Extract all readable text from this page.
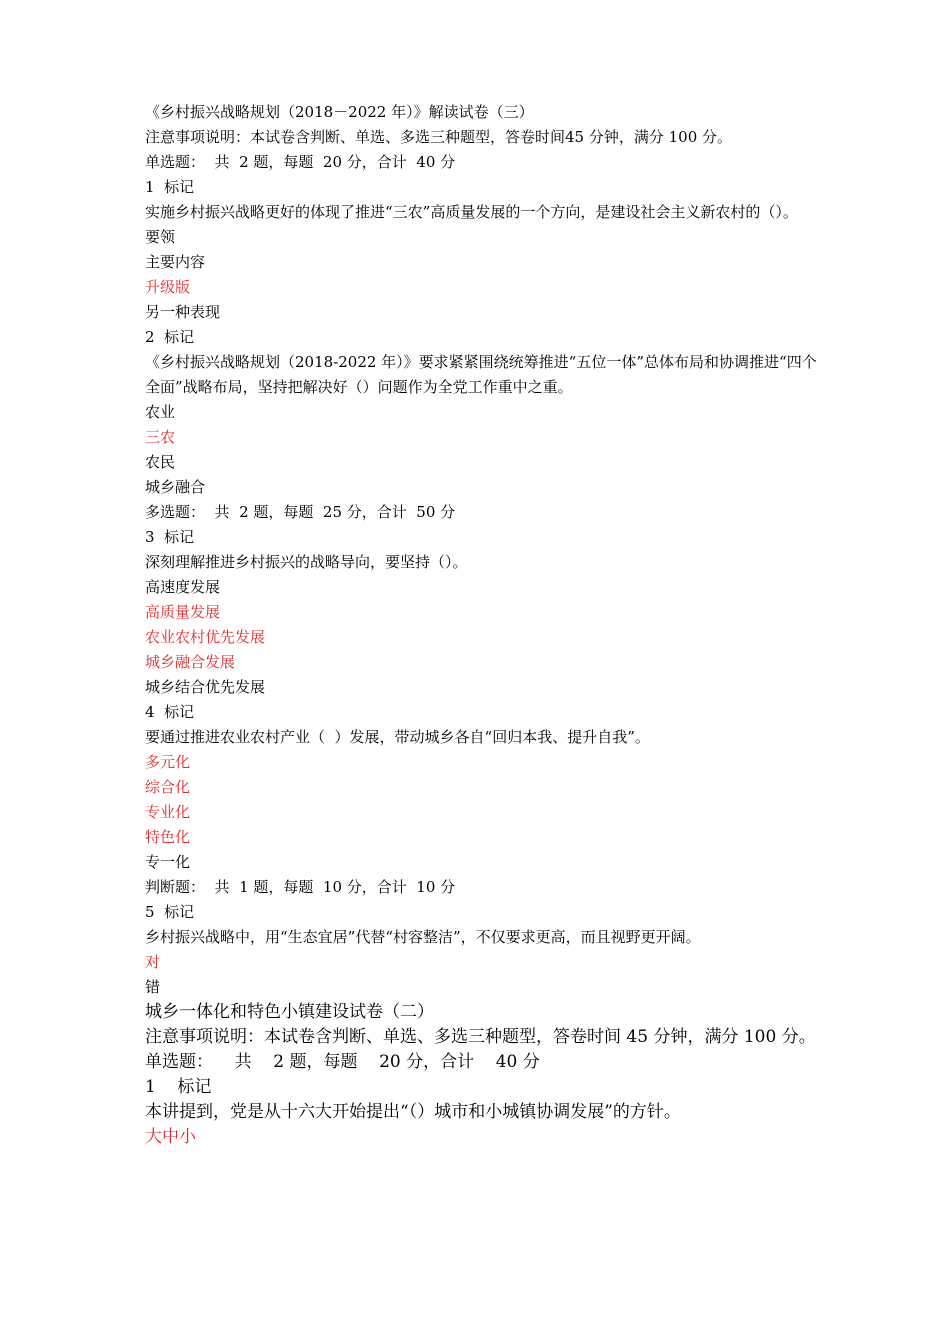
《乡村振兴战略规划（2018－2022 年）》解读试卷（三）
注意事项说明：本试卷含判断、单选、多选三种题型，答卷时间45 分钟，满分 100 分。
单选题：  共  2 题，每题  20 分，合计  40 分
1  标记
实施乡村振兴战略更好的体现了推进“三农”高质量发展的一个方向，是建设社会主义新农村的（）。
要领
主要内容
升级版
另一种表现
2  标记
《乡村振兴战略规划（2018-2022 年）》要求紧紧围绕统筹推进“五位一体”总体布局和协调推进“四个全面”战略布局，坚持把解决好（）问题作为全党工作重中之重。
农业
三农
农民
城乡融合
多选题：  共  2 题，每题  25 分，合计  50 分
3  标记
深刻理解推进乡村振兴的战略导向，要坚持（）。
高速度发展
高质量发展
农业农村优先发展
城乡融合发展
城乡结合优先发展
4  标记
要通过推进农业农村产业（  ）发展，带动城乡各自“回归本我、提升自我”。
多元化
综合化
专业化
特色化
专一化
判断题：  共  1 题，每题  10 分，合计  10 分
5  标记
乡村振兴战略中，用“生态宜居”代替“村容整洁”，不仅要求更高，而且视野更开阔。
对
错
城乡一体化和特色小镇建设试卷（二）
注意事项说明：本试卷含判断、单选、多选三种题型，答卷时间 45 分钟，满分 100 分。
单选题：    共    2 题，每题    20 分，合计    40 分
1    标记
本讲提到，党是从十六大开始提出“（）城市和小城镇协调发展”的方针。
大中小
